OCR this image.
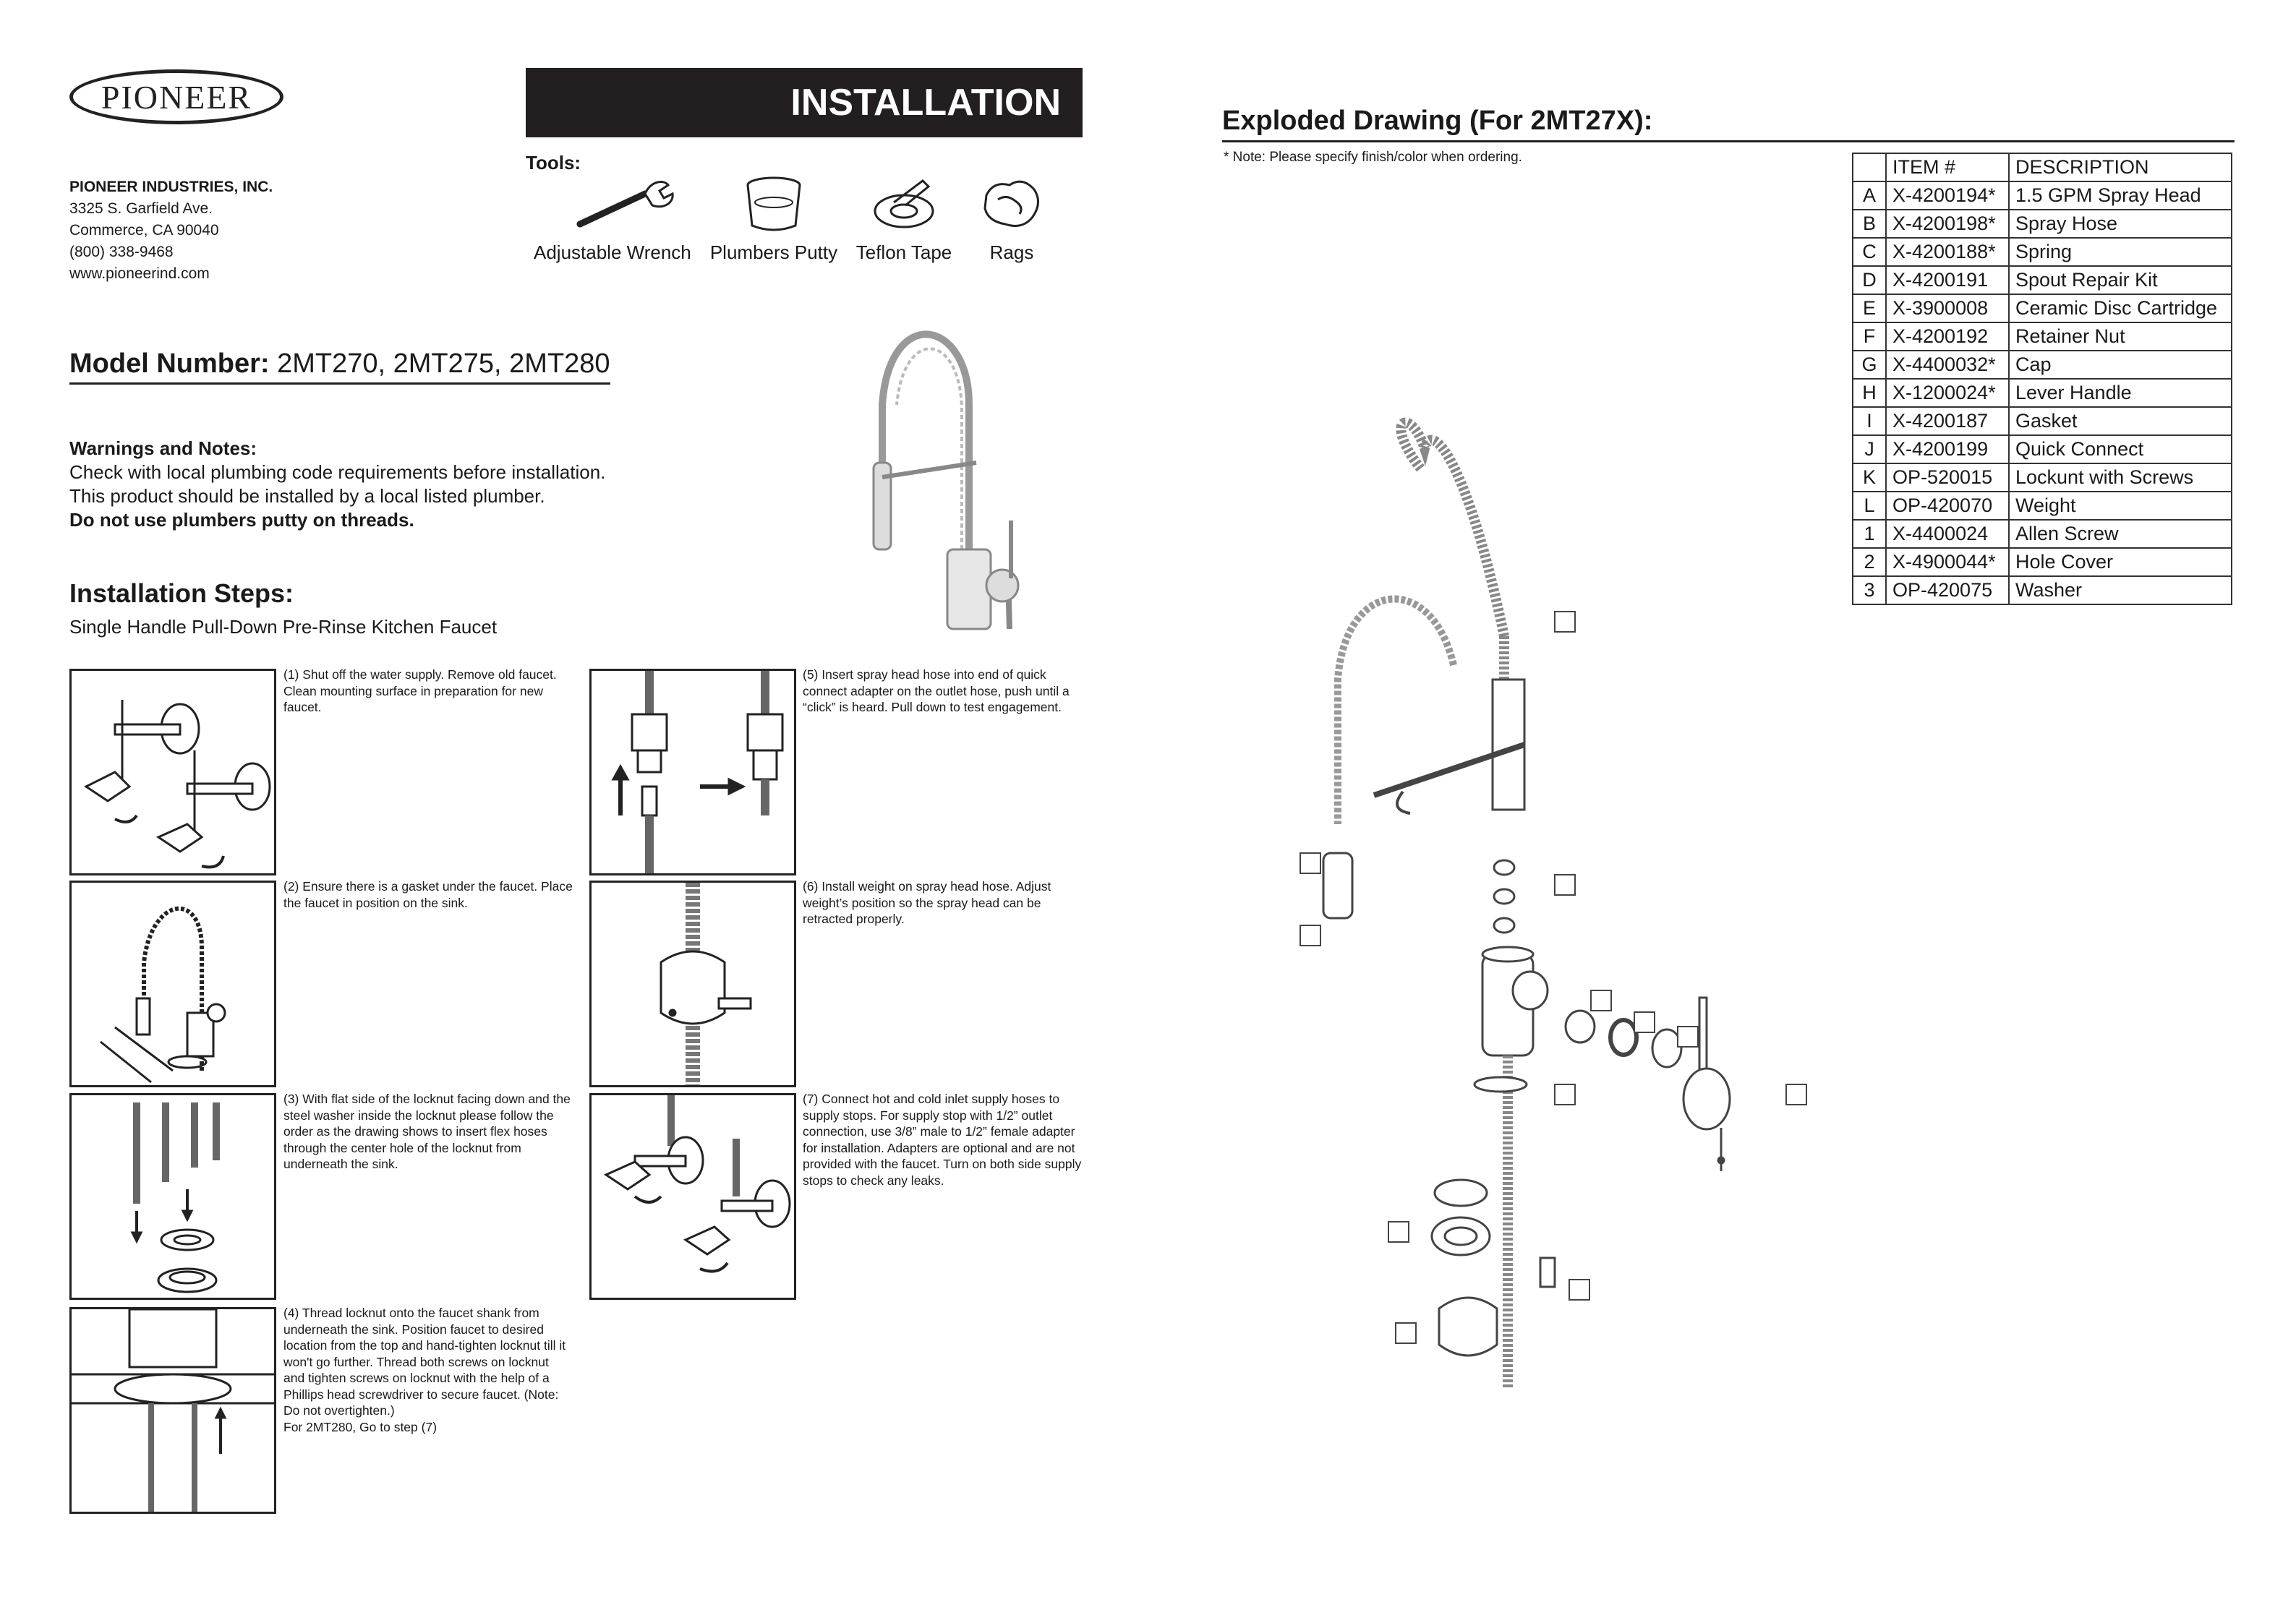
PIONEER
PIONEER INDUSTRIES, INC.
3325 S. Garfield Ave.
Commerce, CA 90040
(800) 338-9468
www.pioneerind.com
INSTALLATION
Tools:
Adjustable Wrench Plumbers Putty Teflon Tape	Rags
Model Number: 2MT270, 2MT275, 2MT280
Warnings and Notes:
Check with local plumbing code requirements before installation.
This product should be installed by a local listed plumber.
Do not use plumbers putty on threads.
Installation Steps:
Single Handle Pull-Down Pre-Rinse Kitchen Faucet
(1) Shut off the water supply. Remove old faucet. Clean mounting surface in preparation for new faucet.
(2) Ensure there is a gasket under the faucet. Place the faucet in position on the sink.
(3) With flat side of the locknut facing down and the steel washer inside the locknut please follow the order as the drawing shows to insert flex hoses through the center hole of the locknut from underneath the sink.
(4) Thread locknut onto the faucet shank from underneath the sink. Position faucet to desired location from the top and hand-tighten locknut till it won't go further. Thread both screws on locknut and tighten screws on locknut with the help of a Phillips head screwdriver to secure faucet. (Note: Do not overtighten.)
For 2MT280, Go to step (7)
(5) Insert spray head hose into end of quick connect adapter on the outlet hose, push until a “click” is heard. Pull down to test engagement.
(6) Install weight on spray head hose. Adjust weight’s position so the spray head can be retracted properly.
(7) Connect hot and cold inlet supply hoses to supply stops. For supply stop with 1/2” outlet connection, use 3/8” male to 1/2” female adapter for installation. Adapters are optional and are not provided with the faucet. Turn on both side supply stops to check any leaks.
Exploded Drawing (For 2MT27X):
* Note: Please specify finish/color when ordering.
		ITEM #	DESCRIPTION
A	X-4200194*	1.5 GPM Spray Head
B	X-4200198*	Spray Hose
C	X-4200188*	Spring
D	X-4200191	Spout Repair Kit
E	X-3900008	Ceramic Disc Cartridge
F	X-4200192	Retainer Nut
G	X-4400032*	Cap
H	X-1200024*	Lever Handle
I	X-4200187	Gasket
J	X-4200199	Quick Connect
K	OP-520015	Lockunt with Screws
L	OP-420070	Weight
1	X-4400024	Allen Screw
2	X-4900044*	Hole Cover
3	OP-420075	Washer
